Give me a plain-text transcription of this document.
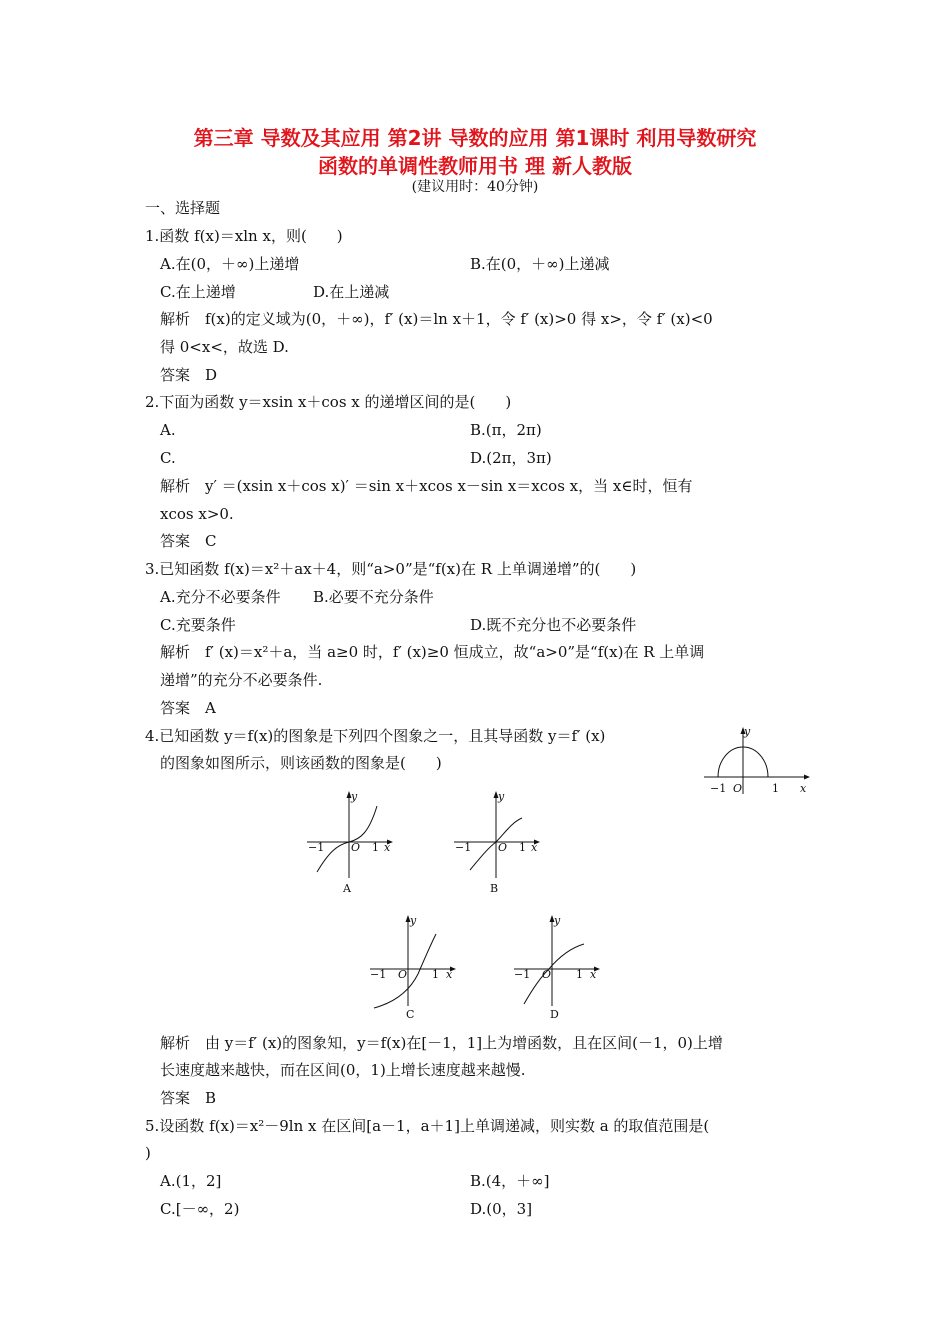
第三章 导数及其应用 第2讲 导数的应用 第1课时 利用导数研究
函数的单调性教师用书 理 新人教版
(建议用时：40分钟)
一、选择题
1.函数 f(x)＝xln x，则(　　)
A.在(0，＋∞)上递增	B.在(0，＋∞)上递减
C.在上递增	D.在上递减
解析　f(x)的定义域为(0，＋∞)，f′ (x)＝ln x＋1，令 f′ (x)>0 得 x>，令 f′ (x)<0
得 0<x<，故选 D.
答案　D
2.下面为函数 y＝xsin x＋cos x 的递增区间的是(　　)
A.	B.(π，2π)
C.	D.(2π，3π)
解析　y′ ＝(xsin x＋cos x)′ ＝sin x＋xcos x－sin x＝xcos x，当 x∈时，恒有
xcos x>0.
答案　C
3.已知函数 f(x)＝x²＋ax＋4，则“a>0”是“f(x)在 R 上单调递增”的(　　)
A.充分不必要条件 B.必要不充分条件
C.充要条件	D.既不充分也不必要条件
解析　f′ (x)＝x²＋a，当 a≥0 时，f′ (x)≥0 恒成立，故“a>0”是“f(x)在 R 上单调
递增”的充分不必要条件.
答案　A
4.已知函数 y＝f(x)的图象是下列四个图象之一，且其导函数 y＝f′ (x)
的图象如图所示，则该函数的图象是(　　)
y
x
−1 O	1
y
x
−1 O 1
A
y
x
−1 O 1
B
y
x
−1 O 1
C
y
x
−1 O 1
D
解析　由 y＝f′ (x)的图象知，y＝f(x)在[－1，1]上为增函数，且在区间(－1，0)上增
长速度越来越快，而在区间(0，1)上增长速度越来越慢.
答案　B
5.设函数 f(x)＝x²－9ln x 在区间[a－1，a＋1]上单调递减，则实数 a 的取值范围是(
)
A.(1，2]	B.(4，＋∞]
C.[－∞，2)	D.(0，3]
